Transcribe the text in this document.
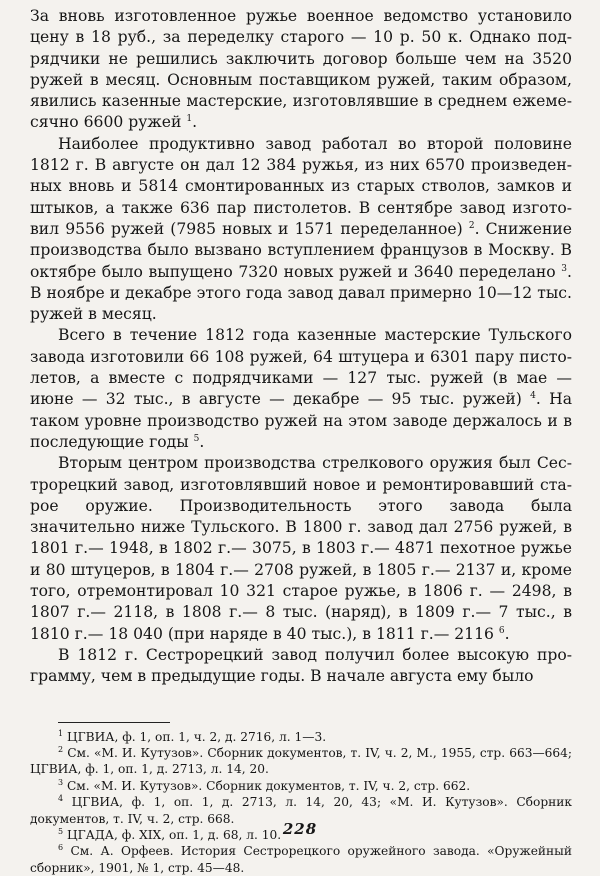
За вновь изготовленное ружье военное ведомство установило цену в 18 руб., за переделку старого — 10 р. 50 к. Однако подрядчики не решились заключить договор больше чем на 3520 ружей в месяц. Основным поставщиком ружей, таким образом, явились казенные мастерские, изготовлявшие в среднем ежемесячно 6600 ружей $^1$.

Наиболее продуктивно завод работал во второй половине 1812 г. В августе он дал 12 384 ружья, из них 6570 произведенных вновь и 5814 смонтированных из старых стволов, замков и штыков, а также 636 пар пистолетов. В сентябре завод изготовил 9556 ружей (7985 новых и 1571 переделанное) $^2$. Снижение производства было вызвано вступлением французов в Москву. В октябре было выпущено 7320 новых ружей и 3640 переделано $^3$. В ноябре и декабре этого года завод давал примерно 10—12 тыс. ружей в месяц.

Всего в течение 1812 года казенные мастерские Тульского завода изготовили 66 108 ружей, 64 штуцера и 6301 пару пистолетов, а вместе с подрядчиками — 127 тыс. ружей (в мае — июне — 32 тыс., в августе — декабре — 95 тыс. ружей) $^4$. На таком уровне производство ружей на этом заводе держалось и в последующие годы $^5$.

Вторым центром производства стрелкового оружия был Сестрорецкий завод, изготовлявший новое и ремонтировавший старое оружие. Производительность этого завода была значительно ниже Тульского. В 1800 г. завод дал 2756 ружей, в 1801 г.— 1948, в 1802 г.— 3075, в 1803 г.— 4871 пехотное ружье и 80 штуцеров, в 1804 г.— 2708 ружей, в 1805 г.— 2137 и, кроме того, отремонтировал 10 321 старое ружье, в 1806 г. — 2498, в 1807 г.— 2118, в 1808 г.— 8 тыс. (наряд), в 1809 г.— 7 тыс., в 1810 г.— 18 040 (при наряде в 40 тыс.), в 1811 г.— 2116 $^6$.

В 1812 г. Сестрорецкий завод получил более высокую программу, чем в предыдущие годы. В начале августа ему было

$^1$ ЦГВИА, ф. 1, оп. 1, ч. 2, д. 2716, л. 1—3.

$^2$ См. «М. И. Кутузов». Сборник документов, т. IV, ч. 2, М., 1955, стр. 663—664; ЦГВИА, ф. 1, оп. 1, д. 2713, л. 14, 20.

$^3$ См. «М. И. Кутузов». Сборник документов, т. IV, ч. 2, стр. 662.

$^4$ ЦГВИА, ф. 1, оп. 1, д. 2713, л. 14, 20, 43; «М. И. Кутузов». Сборник документов, т. IV, ч. 2, стр. 668.

$^5$ ЦГАДА, ф. XIX, оп. 1, д. 68, л. 10.

$^6$ См. А. Орфеев. История Сестрорецкого оружейного завода. «Оружейный сборник», 1901, № 1, стр. 45—48.

228
